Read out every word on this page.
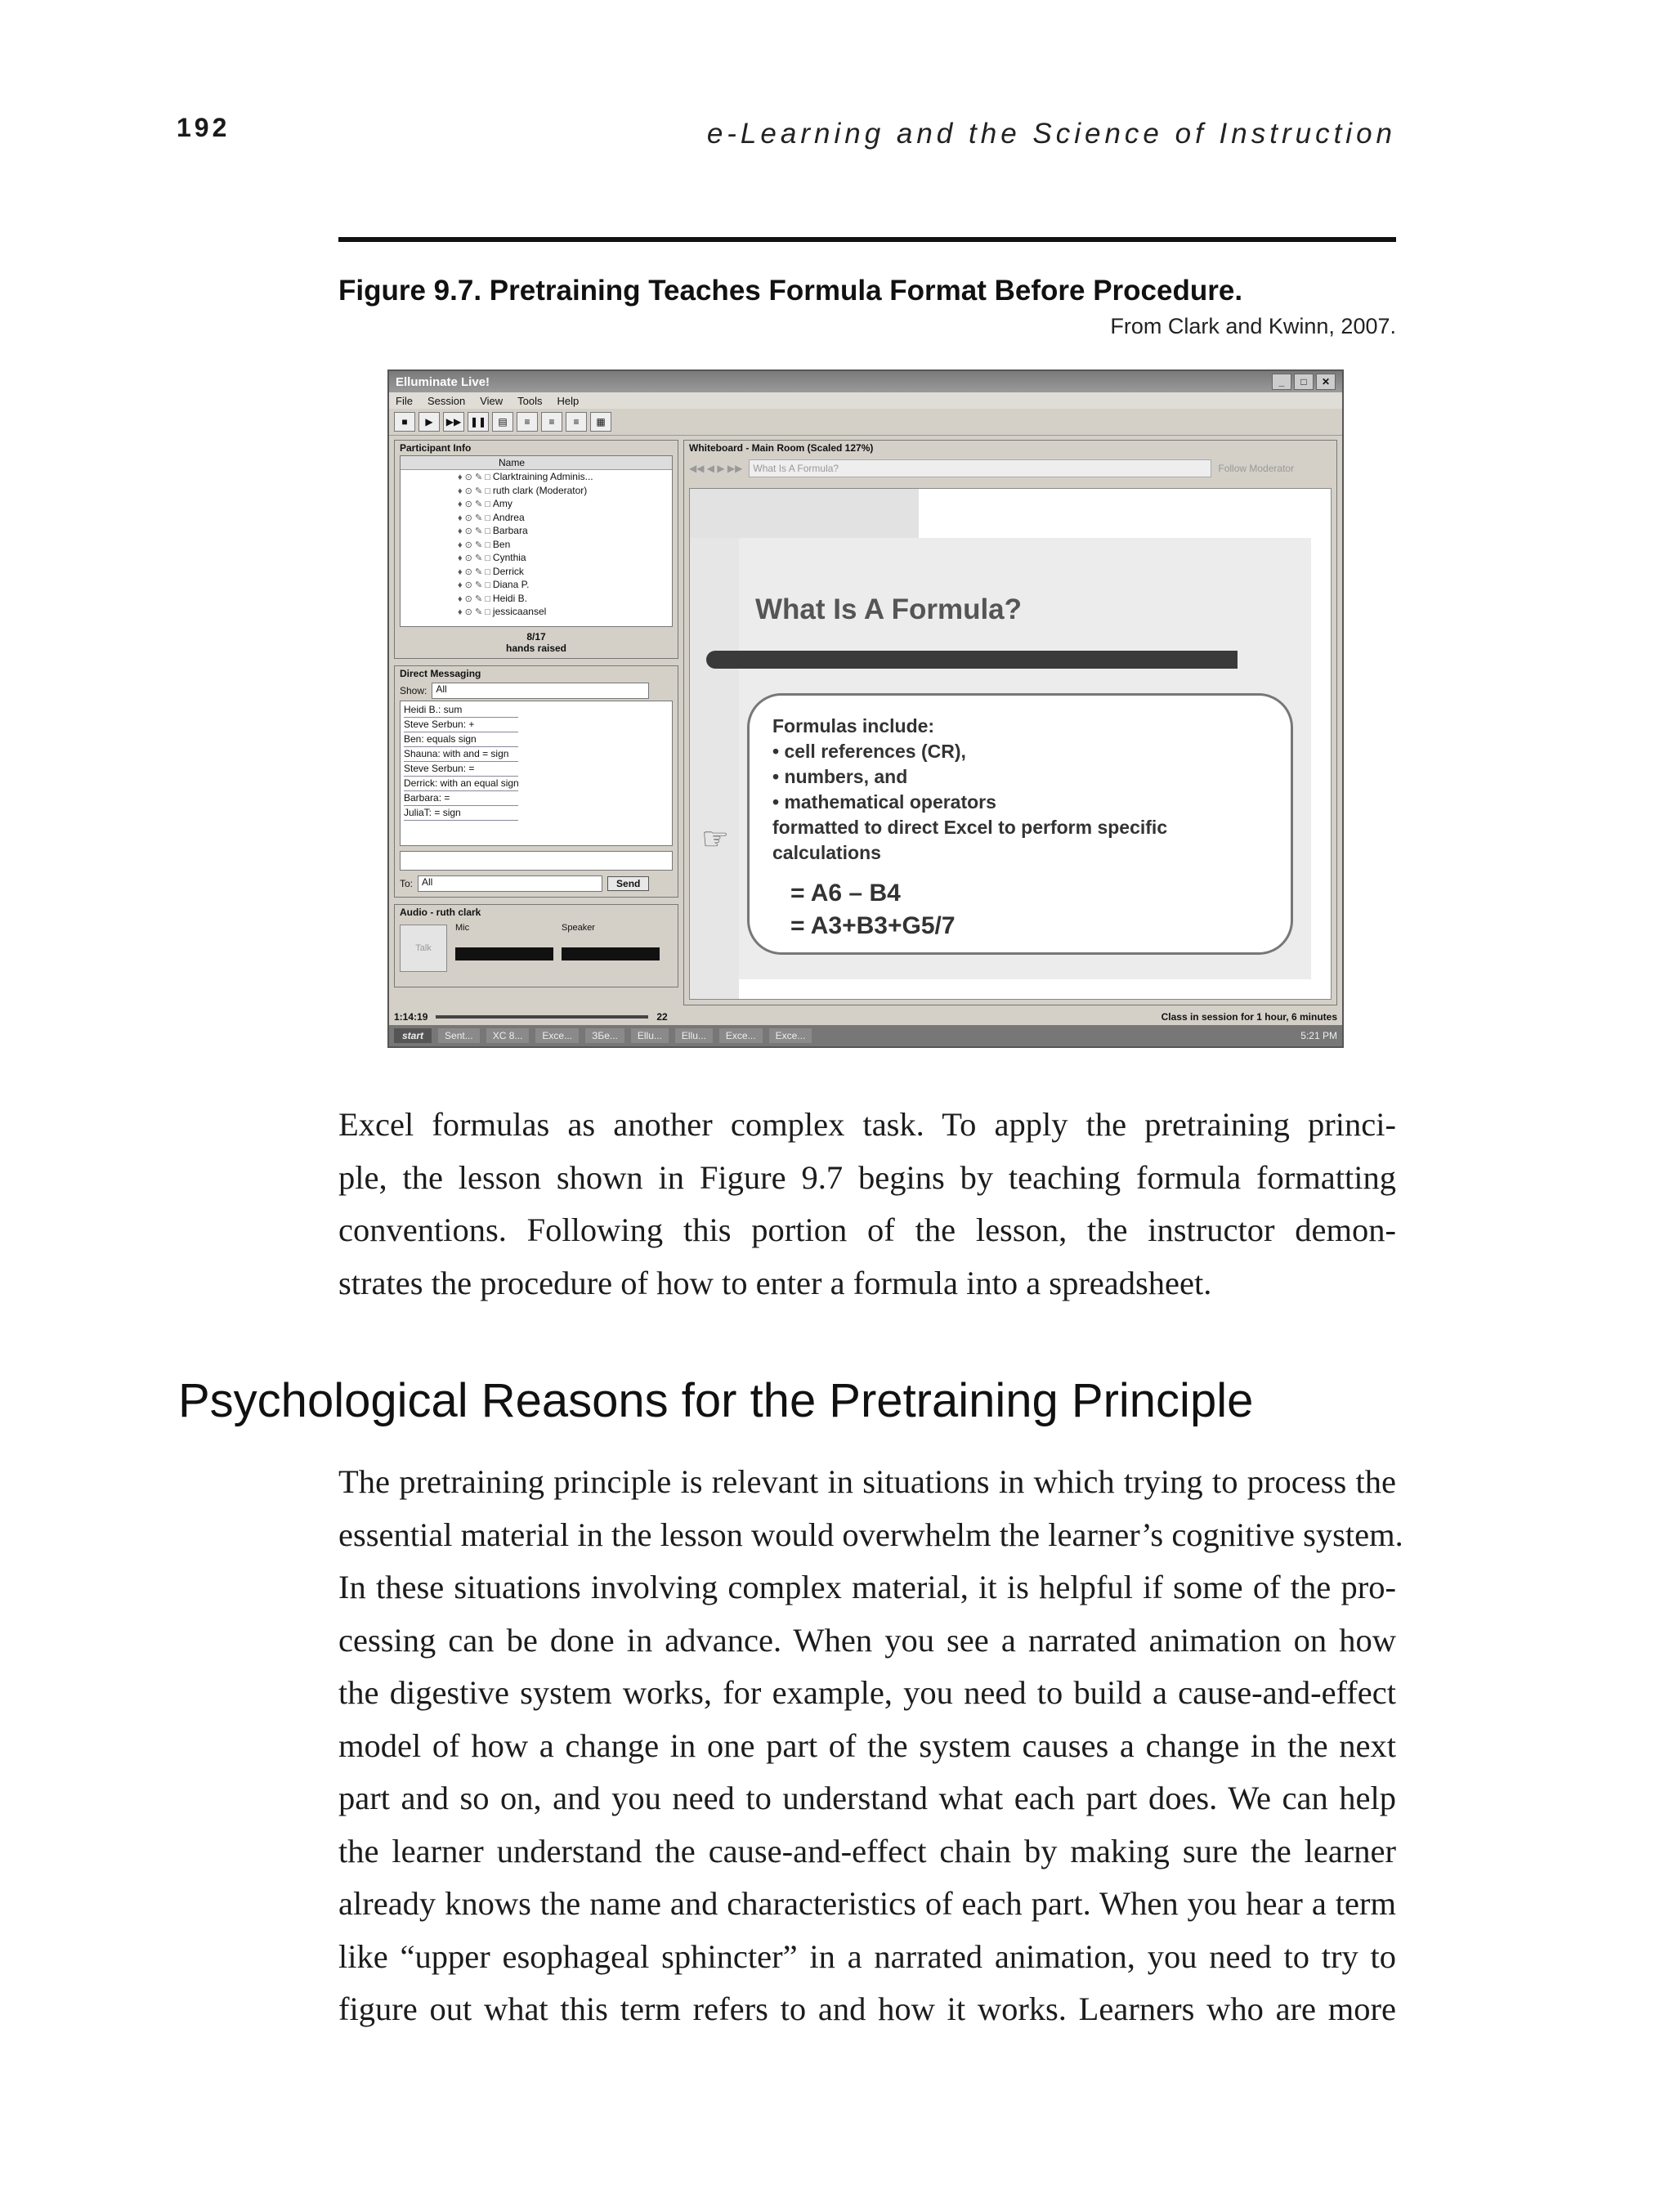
192	e-Learning and the Science of Instruction
Figure 9.7. Pretraining Teaches Formula Format Before Procedure.
From Clark and Kwinn, 2007.
Elluminate Live!	_	□	✕
File Session View Tools Help
■	▶	▶▶ ❚❚	▤	≡	≡	≡	▦
Participant Info
Name
♦ ⊙ ✎ □ Clarktraining Adminis...
♦ ⊙ ✎ □ ruth clark (Moderator)
♦ ⊙ ✎ □ Amy
♦ ⊙ ✎ □ Andrea
♦ ⊙ ✎ □ Barbara
♦ ⊙ ✎ □ Ben
♦ ⊙ ✎ □ Cynthia
♦ ⊙ ✎ □ Derrick
♦ ⊙ ✎ □ Diana P.
♦ ⊙ ✎ □ Heidi B.
♦ ⊙ ✎ □ jessicaansel
8/17
hands raised
Direct Messaging
Show: All
Heidi B.: sum
Steve Serbun: +
Ben: equals sign
Shauna: with and = sign
Steve Serbun: =
Derrick: with an equal sign
Barbara: =
JuliaT: = sign
To: All	Send
Audio - ruth clark
Talk
Mic	Speaker
Whiteboard - Main Room (Scaled 127%)
◀◀ ◀ ▶ ▶▶	What Is A Formula?	Follow Moderator
What Is A Formula?
Formulas include:
• cell references (CR),
• numbers, and
• mathematical operators
formatted to direct Excel to perform specific
calculations
= A6 – B4
= A3+B3+G5/7
☞
1:14:19	22	Class in session for 1 hour, 6 minutes
start	Sent...	XC 8...	Exce...	ЗБе...	Ellu...	Ellu...	Exce...	Exce...	5:21 PM
Excel formulas as another complex task. To apply the pretraining princi-
ple, the lesson shown in Figure 9.7 begins by teaching formula formatting
conventions. Following this portion of the lesson, the instructor demon-
strates the procedure of how to enter a formula into a spreadsheet.
Psychological Reasons for the Pretraining Principle
The pretraining principle is relevant in situations in which trying to process the
essential material in the lesson would overwhelm the learner’s cognitive system.
In these situations involving complex material, it is helpful if some of the pro-
cessing can be done in advance. When you see a narrated animation on how
the digestive system works, for example, you need to build a cause-and-effect
model of how a change in one part of the system causes a change in the next
part and so on, and you need to understand what each part does. We can help
the learner understand the cause-and-effect chain by making sure the learner
already knows the name and characteristics of each part. When you hear a term
like “upper esophageal sphincter” in a narrated animation, you need to try to
figure out what this term refers to and how it works. Learners who are more
